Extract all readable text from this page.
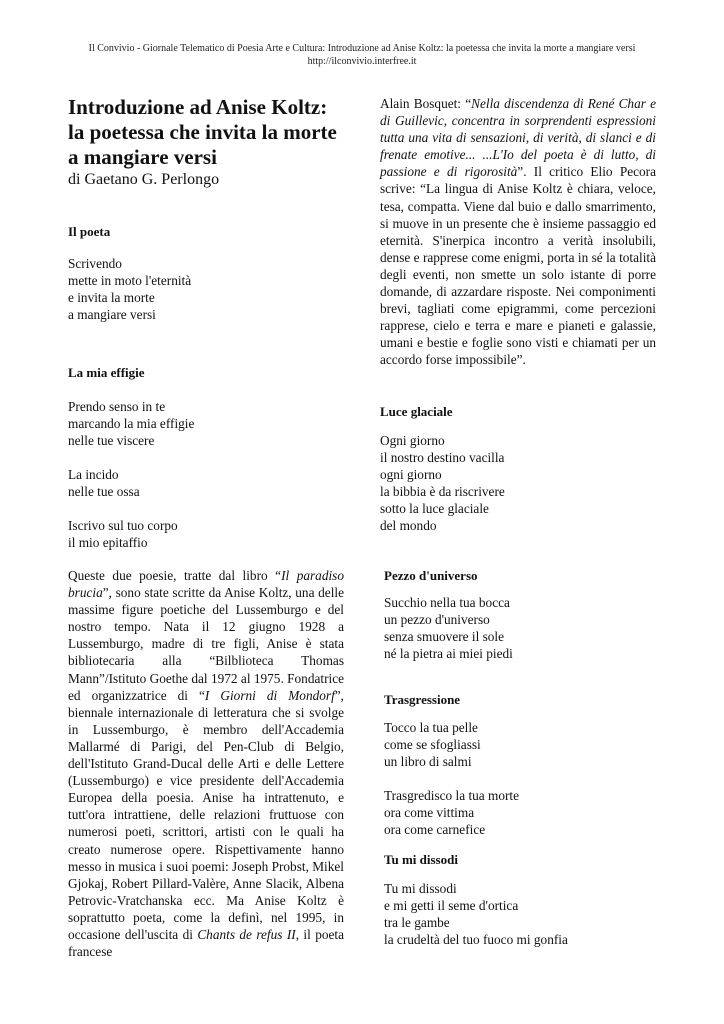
Il Convivio - Giornale Telematico di Poesia Arte e Cultura: Introduzione ad Anise Koltz: la poetessa che invita la morte a mangiare versi
http://ilconvivio.interfree.it
Introduzione ad Anise Koltz:
la poetessa che invita la morte
a mangiare versi

di Gaetano G. Perlongo

Il poeta

Scrivendo
mette in moto l'eternità
e invita la morte
a mangiare versi

La mia effigie

Prendo senso in te
marcando la mia effigie
nelle tue viscere
La incido
nelle tue ossa
Iscrivo sul tuo corpo
il mio epitaffio

Queste due poesie, tratte dal libro “Il paradiso brucia”, sono state scritte da Anise Koltz, una delle massime figure poetiche del Lussemburgo e del nostro tempo. Nata il 12 giugno 1928 a Lussemburgo, madre di tre figli, Anise è stata bibliotecaria alla “Bilblioteca Thomas Mann”/Istituto Goethe dal 1972 al 1975. Fondatrice ed organizzatrice di “I Giorni di Mondorf”, biennale internazionale di letteratura che si svolge in Lussemburgo, è membro dell'Accademia Mallarmé di Parigi, del Pen-Club di Belgio, dell'Istituto Grand-Ducal delle Arti e delle Lettere (Lussemburgo) e vice presidente dell'Accademia Europea della poesia. Anise ha intrattenuto, e tutt'ora intrattiene, delle relazioni fruttuose con numerosi poeti, scrittori, artisti con le quali ha creato numerose opere. Rispettivamente hanno messo in musica i suoi poemi: Joseph Probst, Mikel Gjokaj, Robert Pillard-Valère, Anne Slacik, Albena Petrovic-Vratchanska ecc. Ma Anise Koltz è soprattutto poeta, come la definì, nel 1995, in occasione dell'uscita di Chants de refus II, il poeta francese

Alain Bosquet: “Nella discendenza di René Char e di Guillevic, concentra in sorprendenti espressioni tutta una vita di sensazioni, di verità, di slanci e di frenate emotive... ...L'Io del poeta è di lutto, di passione e di rigorosità”. Il critico Elio Pecora scrive: “La lingua di Anise Koltz è chiara, veloce, tesa, compatta. Viene dal buio e dallo smarrimento, si muove in un presente che è insieme passaggio ed eternità. S'inerpica incontro a verità insolubili, dense e rapprese come enigmi, porta in sé la totalità degli eventi, non smette un solo istante di porre domande, di azzardare risposte. Nei componimenti brevi, tagliati come epigrammi, come percezioni rapprese, cielo e terra e mare e pianeti e galassie, umani e bestie e foglie sono visti e chiamati per un accordo forse impossibile”.

Luce glaciale

Ogni giorno
il nostro destino vacilla
ogni giorno
la bibbia è da riscrivere
sotto la luce glaciale
del mondo

Pezzo d'universo

Succhio nella tua bocca
un pezzo d'universo
senza smuovere il sole
né la pietra ai miei piedi

Trasgressione

Tocco la tua pelle
come se sfogliassi
un libro di salmi
Trasgredisco la tua morte
ora come vittima
ora come carnefice

Tu mi dissodi

Tu mi dissodi
e mi getti il seme d'ortica
tra le gambe
la crudeltà del tuo fuoco mi gonfia
